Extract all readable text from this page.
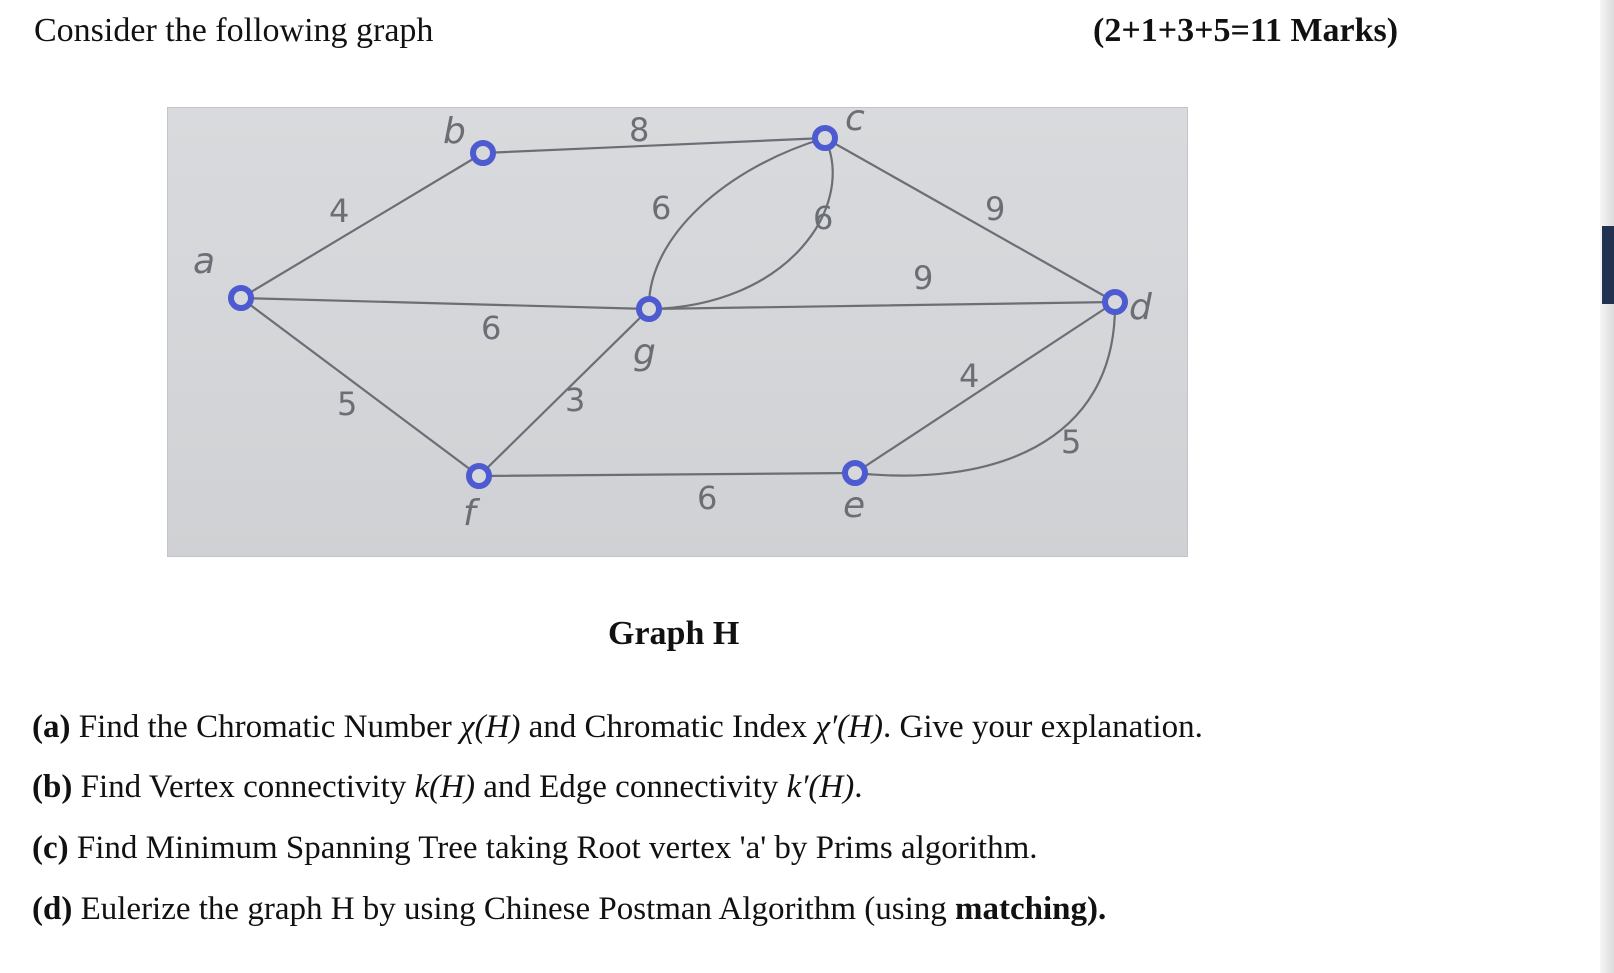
Consider the following graph	(2+1+3+5=11 Marks)
a
b	c
d
e
f
g
4
8
6	6	9
6
9
5	3
6
4
5
Graph H
(a) Find the Chromatic Number χ(H) and Chromatic Index χ′(H). Give your explanation.
(b) Find Vertex connectivity k(H) and Edge connectivity k′(H).
(c) Find Minimum Spanning Tree taking Root vertex 'a' by Prims algorithm.
(d) Eulerize the graph H by using Chinese Postman Algorithm (using matching).
